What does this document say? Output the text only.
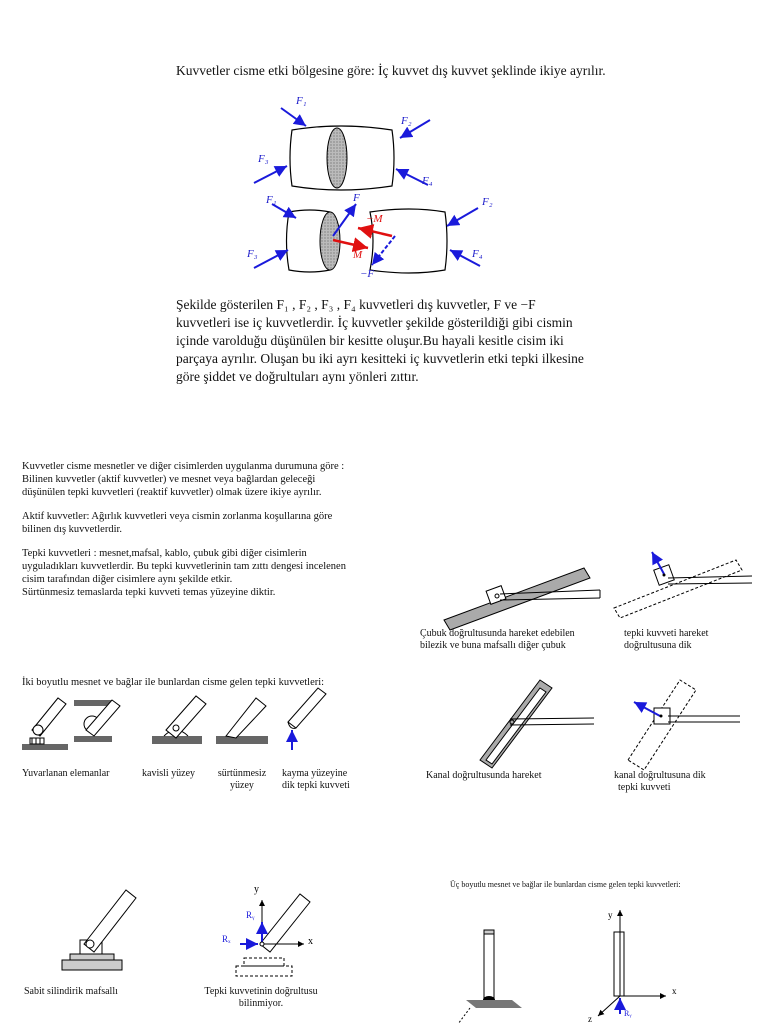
Kuvvetler cisme etki bölgesine göre: İç kuvvet dış kuvvet şeklinde ikiye ayrılır.
F₁
F₂
F₃
F₄
F₁	F₂
F₃	F₄
F
−F
M
−M
Şekilde gösterilen F₁ , F₂ , F₃ , F₄ kuvvetleri dış kuvvetler, F ve −F
kuvvetleri ise iç kuvvetlerdir. İç kuvvetler şekilde gösterildiği gibi cismin
içinde varolduğu düşünülen bir kesitte oluşur.Bu hayali kesitle cisim iki
parçaya ayrılır. Oluşan bu iki ayrı kesitteki iç kuvvetlerin etki tepki ilkesine
göre şiddet ve doğrultuları aynı yönleri zıttır.
Kuvvetler cisme mesnetler ve diğer cisimlerden uygulanma durumuna göre :
Bilinen kuvvetler (aktif kuvvetler) ve mesnet veya bağlardan geleceği
düşünülen tepki kuvvetleri (reaktif kuvvetler) olmak üzere ikiye ayrılır.
Aktif kuvvetler: Ağırlık kuvvetleri veya cismin zorlanma koşullarına göre
bilinen dış kuvvetlerdir.
Tepki kuvvetleri : mesnet,mafsal, kablo, çubuk gibi diğer cisimlerin
uyguladıkları kuvvetlerdir. Bu tepki kuvvetlerinin tam zıttı dengesi incelenen
cisim tarafından diğer cisimlere aynı şekilde etkir.
Sürtünmesiz temaslarda tepki kuvveti temas yüzeyine diktir.
Çubuk doğrultusunda hareket edebilen
bilezik ve buna mafsallı diğer çubuk
tepki kuvveti hareket
doğrultusuna dik
İki boyutlu mesnet ve bağlar ile bunlardan cisme gelen tepki kuvvetleri:
Yuvarlanan elemanlar	kavisli yüzey	sürtünmesiz
yüzey
kayma yüzeyine
dik tepki kuvveti
Kanal doğrultusunda hareket	kanal doğrultusuna dik
tepki kuvveti
y
x
Rᵧ
Rₓ
y
x
z
Rᵧ
Sabit silindirik mafsallı	Tepki kuvvetinin doğrultusu
bilinmiyor.
Üç boyutlu mesnet ve bağlar ile bunlardan cisme gelen tepki kuvvetleri:
